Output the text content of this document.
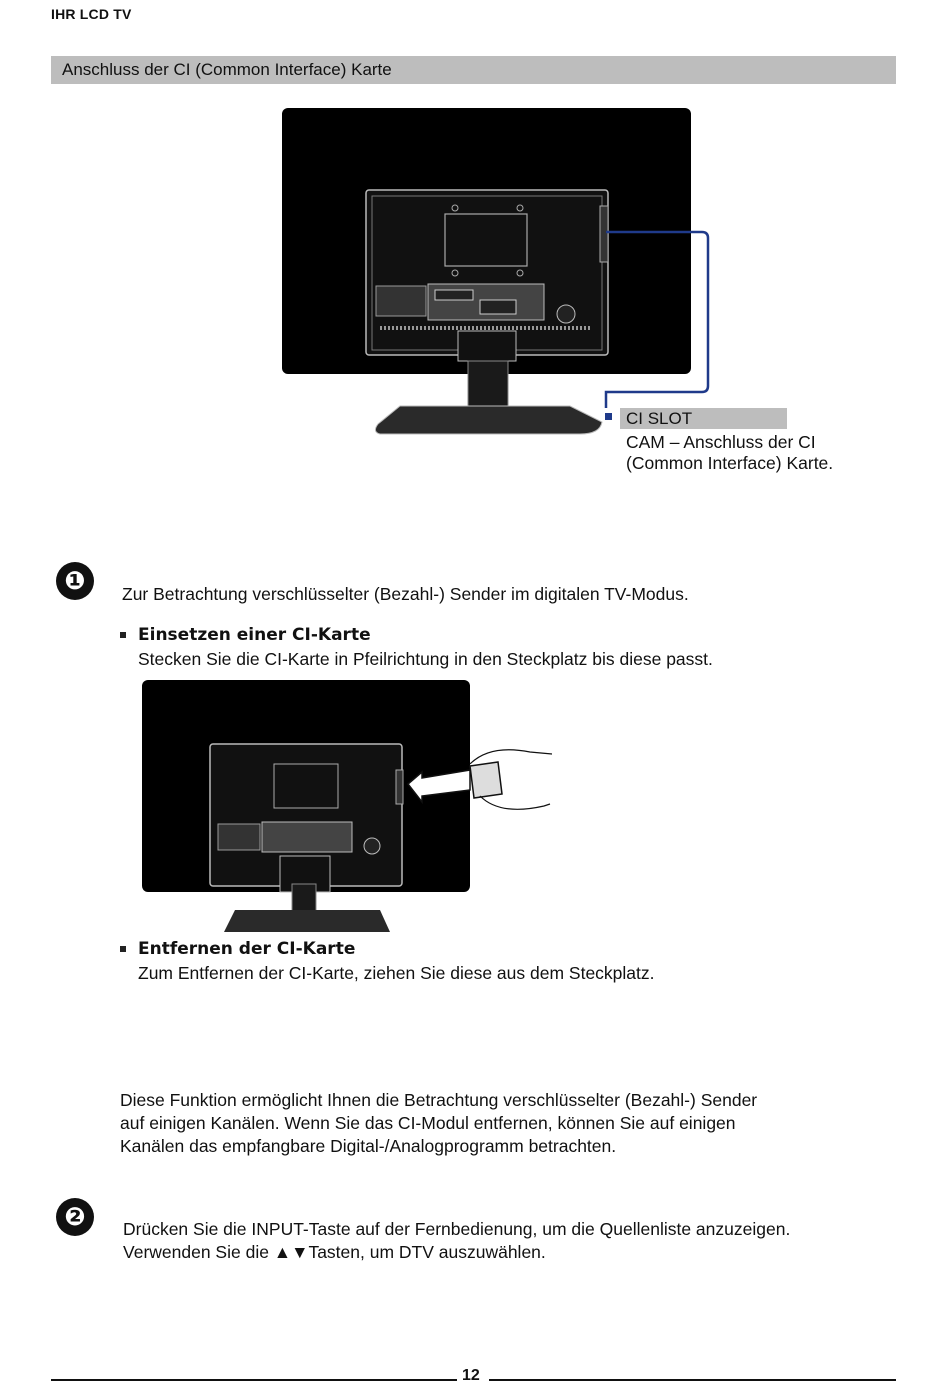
IHR LCD TV
Anschluss der CI (Common Interface) Karte
CI SLOT
CAM – Anschluss der CI
(Common Interface) Karte.
❶	Zur Betrachtung verschlüsselter (Bezahl-) Sender im digitalen TV-Modus.
Einsetzen einer CI-Karte
Stecken Sie die CI-Karte in Pfeilrichtung in den Steckplatz bis diese passt.
Entfernen der CI-Karte
Zum Entfernen der CI-Karte, ziehen Sie diese aus dem Steckplatz.
Diese Funktion ermöglicht Ihnen die Betrachtung verschlüsselter (Bezahl-) Sender
auf einigen Kanälen. Wenn Sie das CI-Modul entfernen, können Sie auf einigen
Kanälen das empfangbare Digital-/Analogprogramm betrachten.
❷	Drücken Sie die INPUT-Taste auf der Fernbedienung, um die Quellenliste anzuzeigen.
Verwenden Sie die ▲▼Tasten, um DTV auszuwählen.
12
